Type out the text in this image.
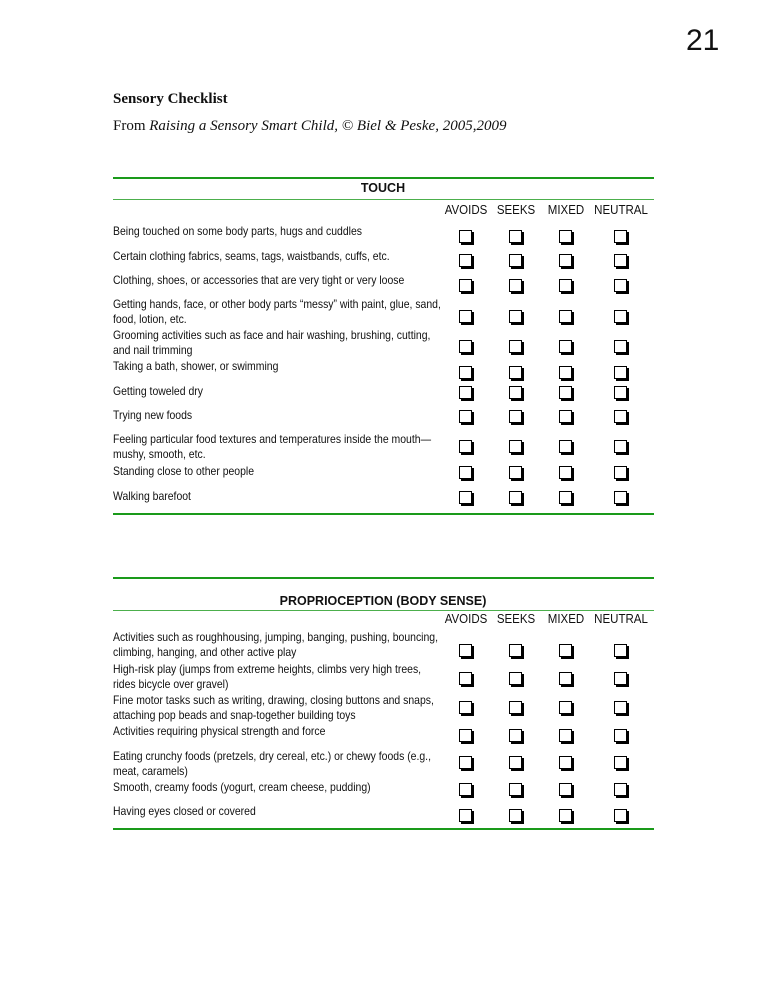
21
Sensory Checklist
From Raising a Sensory Smart Child, © Biel & Peske, 2005,2009
TOUCH
AVOIDS SEEKS MIXED NEUTRAL
Being touched on some body parts, hugs and cuddles
Certain clothing fabrics, seams, tags, waistbands, cuffs, etc.
Clothing, shoes, or accessories that are very tight or very loose
Getting hands, face, or other body parts “messy” with paint, glue, sand, food, lotion, etc.
Grooming activities such as face and hair washing, brushing, cutting, and nail trimming
Taking a bath, shower, or swimming
Getting toweled dry
Trying new foods
Feeling particular food textures and temperatures inside the mouth—mushy, smooth, etc.
Standing close to other people
Walking barefoot
PROPRIOCEPTION (BODY SENSE)
AVOIDS SEEKS MIXED NEUTRAL
Activities such as roughhousing, jumping, banging, pushing, bouncing, climbing, hanging, and other active play
High-risk play (jumps from extreme heights, climbs very high trees, rides bicycle over gravel)
Fine motor tasks such as writing, drawing, closing buttons and snaps, attaching pop beads and snap-together building toys
Activities requiring physical strength and force
Eating crunchy foods (pretzels, dry cereal, etc.) or chewy foods (e.g., meat, caramels)
Smooth, creamy foods (yogurt, cream cheese, pudding)
Having eyes closed or covered
